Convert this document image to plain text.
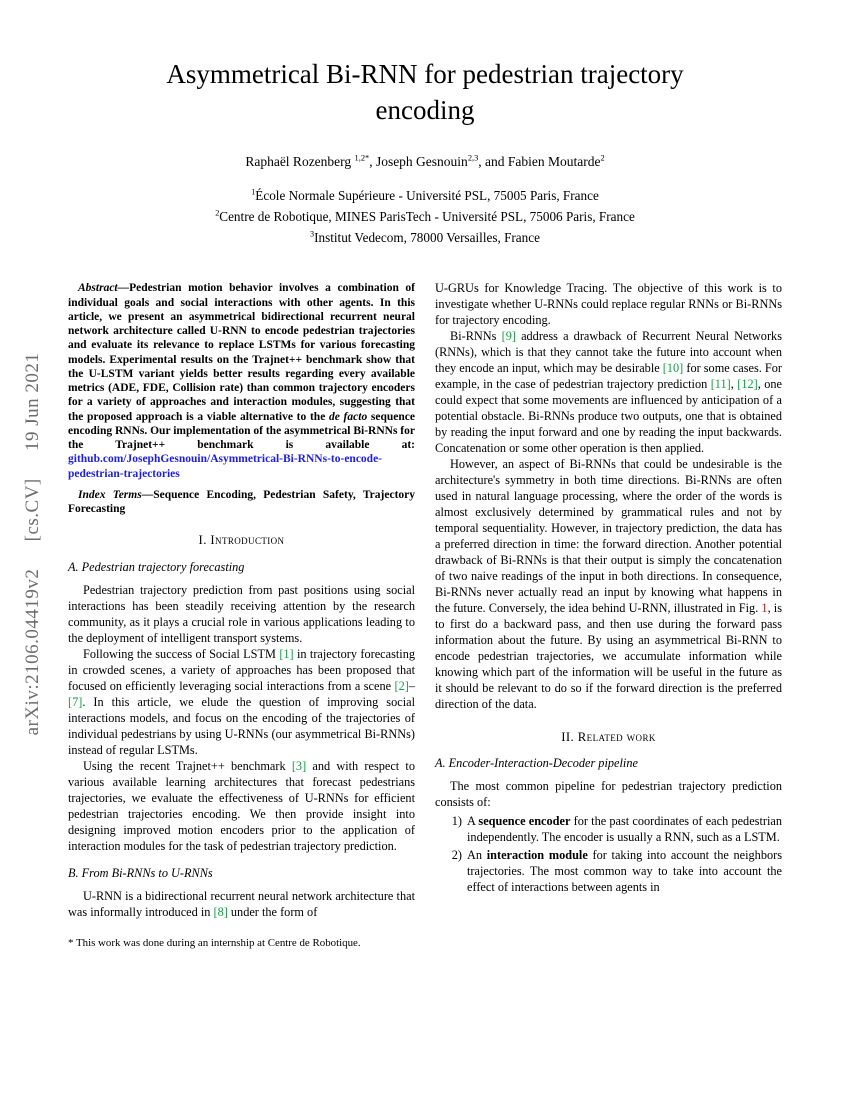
arXiv:2106.04419v2 [cs.CV] 19 Jun 2021
Asymmetrical Bi-RNN for pedestrian trajectory encoding
Raphaël Rozenberg $^{1,2*}$, Joseph Gesnouin$^{2,3}$, and Fabien Moutarde$^2$
$^1$École Normale Supérieure - Université PSL, 75005 Paris, France
$^2$Centre de Robotique, MINES ParisTech - Université PSL, 75006 Paris, France
$^3$Institut Vedecom, 78000 Versailles, France

Abstract—Pedestrian motion behavior involves a combination of individual goals and social interactions with other agents. In this article, we present an asymmetrical bidirectional recurrent neural network architecture called U-RNN to encode pedestrian trajectories and evaluate its relevance to replace LSTMs for various forecasting models. Experimental results on the Trajnet++ benchmark show that the U-LSTM variant yields better results regarding every available metrics (ADE, FDE, Collision rate) than common trajectory encoders for a variety of approaches and interaction modules, suggesting that the proposed approach is a viable alternative to the de facto sequence encoding RNNs. Our implementation of the asymmetrical Bi-RNNs for the Trajnet++ benchmark is available at: github.com/JosephGesnouin/Asymmetrical-Bi-RNNs-to-encode-pedestrian-trajectories

Index Terms—Sequence Encoding, Pedestrian Safety, Trajectory Forecasting

I. Introduction
A. Pedestrian trajectory forecasting

Pedestrian trajectory prediction from past positions using social interactions has been steadily receiving attention by the research community, as it plays a crucial role in various applications leading to the deployment of intelligent transport systems.

Following the success of Social LSTM [1] in trajectory forecasting in crowded scenes, a variety of approaches has been proposed that focused on efficiently leveraging social interactions from a scene [2]–[7]. In this article, we elude the question of improving social interactions models, and focus on the encoding of the trajectories of individual pedestrians by using U-RNNs (our asymmetrical Bi-RNNs) instead of regular LSTMs.

Using the recent Trajnet++ benchmark [3] and with respect to various available learning architectures that forecast pedestrians trajectories, we evaluate the effectiveness of U-RNNs for efficient pedestrian trajectories encoding. We then provide insight into designing improved motion encoders prior to the application of interaction modules for the task of pedestrian trajectory prediction.

B. From Bi-RNNs to U-RNNs

U-RNN is a bidirectional recurrent neural network architecture that was informally introduced in [8] under the form of

* This work was done during an internship at Centre de Robotique.

U-GRUs for Knowledge Tracing. The objective of this work is to investigate whether U-RNNs could replace regular RNNs or Bi-RNNs for trajectory encoding.

Bi-RNNs [9] address a drawback of Recurrent Neural Networks (RNNs), which is that they cannot take the future into account when they encode an input, which may be desirable [10] for some cases. For example, in the case of pedestrian trajectory prediction [11], [12], one could expect that some movements are influenced by anticipation of a potential obstacle. Bi-RNNs produce two outputs, one that is obtained by reading the input forward and one by reading the input backwards. Concatenation or some other operation is then applied.

However, an aspect of Bi-RNNs that could be undesirable is the architecture's symmetry in both time directions. Bi-RNNs are often used in natural language processing, where the order of the words is almost exclusively determined by grammatical rules and not by temporal sequentiality. However, in trajectory prediction, the data has a preferred direction in time: the forward direction. Another potential drawback of Bi-RNNs is that their output is simply the concatenation of two naive readings of the input in both directions. In consequence, Bi-RNNs never actually read an input by knowing what happens in the future. Conversely, the idea behind U-RNN, illustrated in Fig. 1, is to first do a backward pass, and then use during the forward pass information about the future. By using an asymmetrical Bi-RNN to encode pedestrian trajectories, we accumulate information while knowing which part of the information will be useful in the future as it should be relevant to do so if the forward direction is the preferred direction of the data.

II. Related work
A. Encoder-Interaction-Decoder pipeline

The most common pipeline for pedestrian trajectory prediction consists of:

1) A sequence encoder for the past coordinates of each pedestrian independently. The encoder is usually a RNN, such as a LSTM.
2) An interaction module for taking into account the neighbors trajectories. The most common way to take into account the effect of interactions between agents in
